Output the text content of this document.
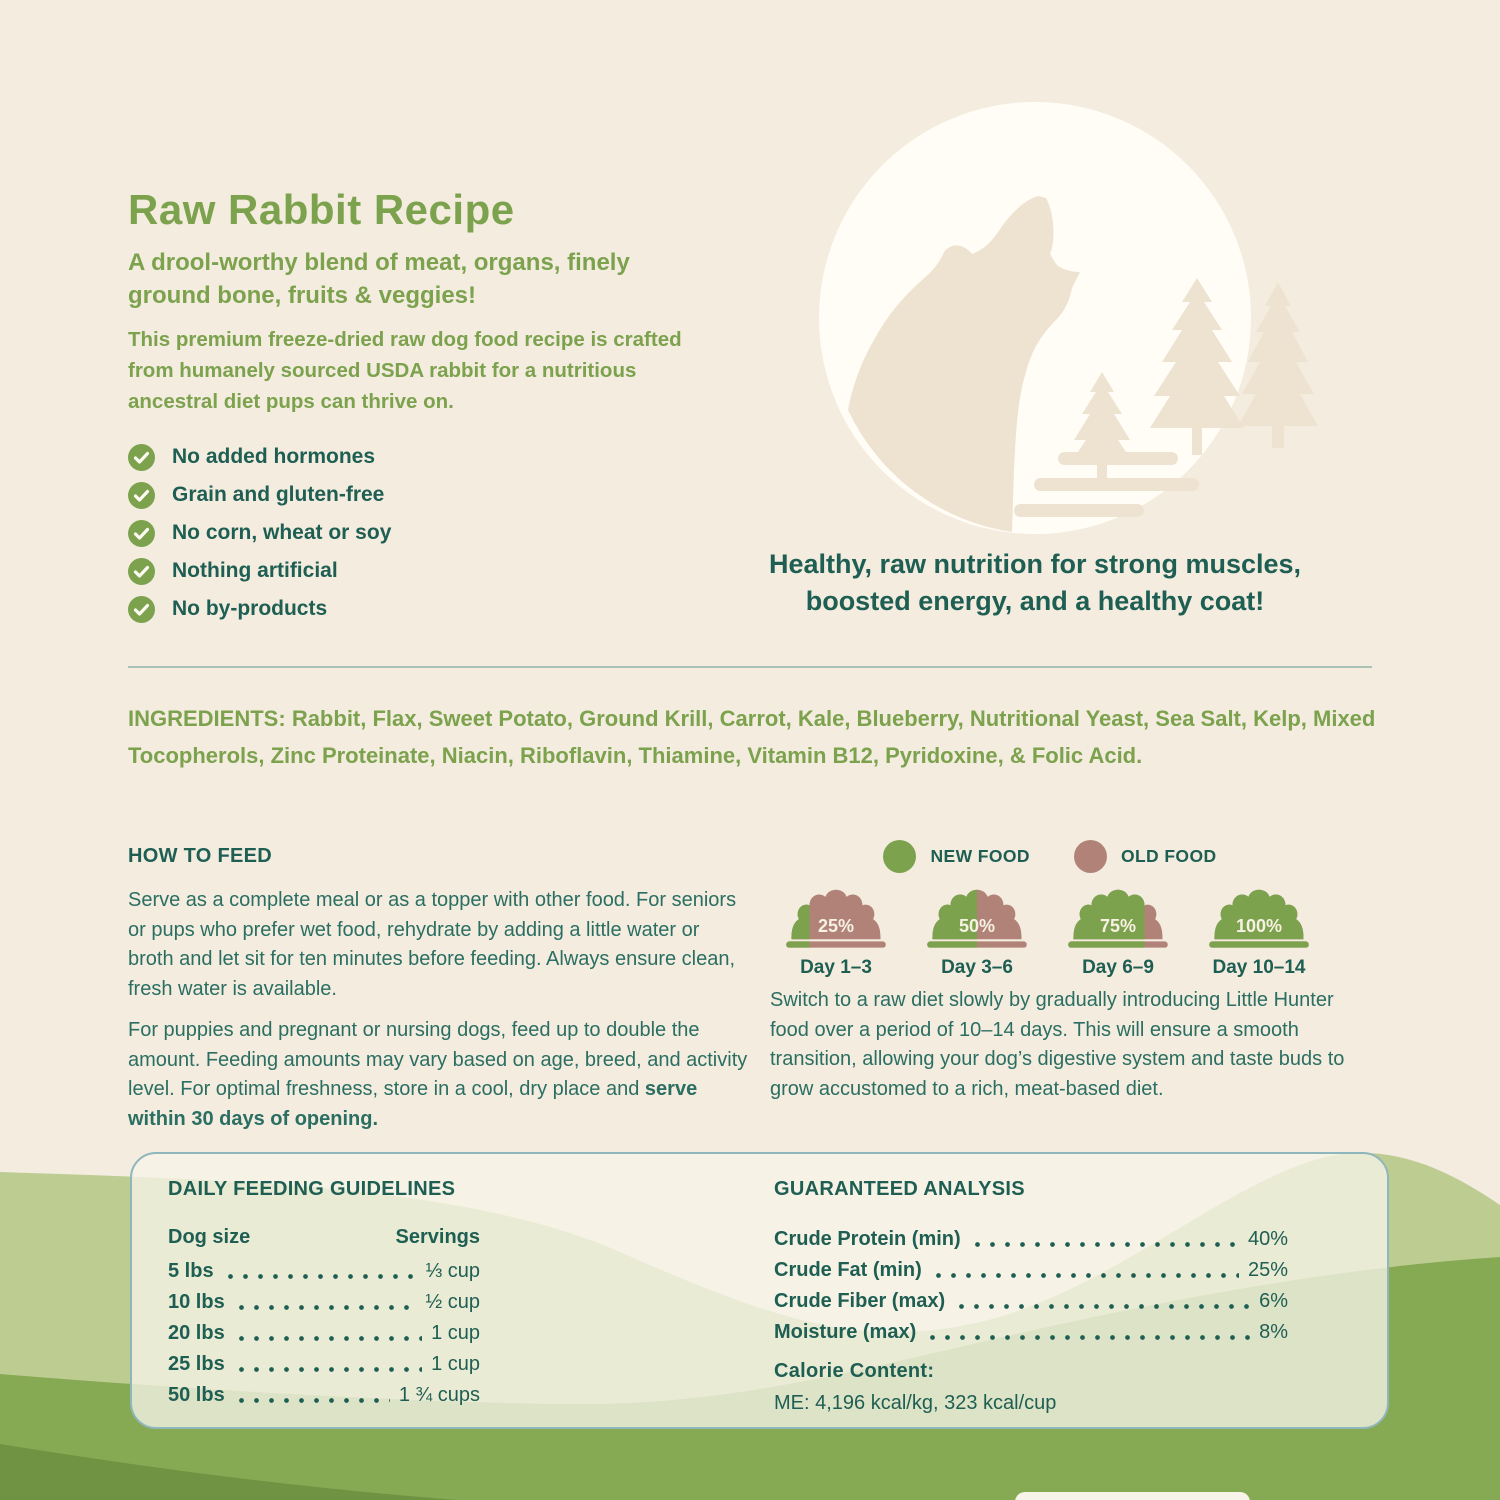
Raw Rabbit Recipe
A drool-worthy blend of meat, organs, finely ground bone, fruits & veggies!

This premium freeze-dried raw dog food recipe is crafted from humanely sourced USDA rabbit for a nutritious ancestral diet pups can thrive on.

No added hormones
Grain and gluten-free
No corn, wheat or soy
Nothing artificial
No by-products

Healthy, raw nutrition for strong muscles, boosted energy, and a healthy coat!

INGREDIENTS: Rabbit, Flax, Sweet Potato, Ground Krill, Carrot, Kale, Blueberry, Nutritional Yeast, Sea Salt, Kelp, Mixed Tocopherols, Zinc Proteinate, Niacin, Riboflavin, Thiamine, Vitamin B12, Pyridoxine, & Folic Acid.

HOW TO FEED

Serve as a complete meal or as a topper with other food. For seniors or pups who prefer wet food, rehydrate by adding a little water or broth and let sit for ten minutes before feeding. Always ensure clean, fresh water is available.

For puppies and pregnant or nursing dogs, feed up to double the amount. Feeding amounts may vary based on age, breed, and activity level. For optimal freshness, store in a cool, dry place and serve within 30 days of opening.

NEW FOOD	OLD FOOD
25%
Day 1–3
50%
Day 3–6
75%
Day 6–9
100%
Day 10–14

Switch to a raw diet slowly by gradually introducing Little Hunter food over a period of 10–14 days. This will ensure a smooth transition, allowing your dog’s digestive system and taste buds to grow accustomed to a rich, meat-based diet.

DAILY FEEDING GUIDELINES
Dog size	Servings
5 lbs	⅓ cup
10 lbs	½ cup
20 lbs	1 cup
25 lbs	1 cup
50 lbs	1 ¾ cups
GUARANTEED ANALYSIS
Crude Protein (min)	40%
Crude Fat (min)	25%
Crude Fiber (max)	6%
Moisture (max)	8%
Calorie Content:

ME: 4,196 kcal/kg, 323 kcal/cup
